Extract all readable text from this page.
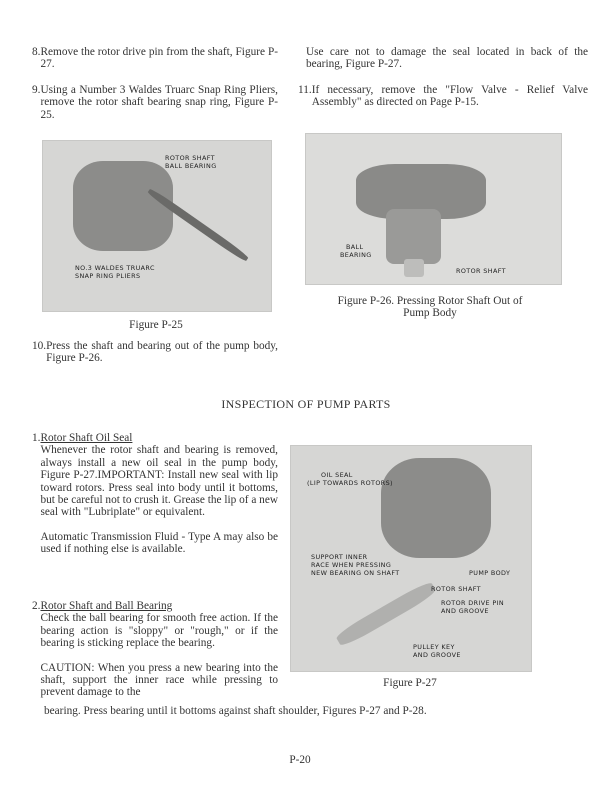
8. Remove the rotor drive pin from the shaft, Figure P-27.
9. Using a Number 3 Waldes Truarc Snap Ring Pliers, remove the rotor shaft bearing snap ring, Figure P-25.
ROTOR SHAFT
BALL BEARING
NO.3 WALDES TRUARC
SNAP RING PLIERS
Figure P-25
10. Press the shaft and bearing out of the pump body, Figure P-26.

Use care not to damage the seal located in back of the bearing, Figure P-27.

11. If necessary, remove the "Flow Valve - Relief Valve Assembly" as directed on Page P-15.
BALL
BEARING
ROTOR SHAFT
Figure P-26. Pressing Rotor Shaft Out of
Pump Body
INSPECTION OF PUMP PARTS
1. Rotor Shaft Oil Seal

Whenever the rotor shaft and bearing is removed, always install a new oil seal in the pump body, Figure P-27.IMPORTANT: Install new seal with lip toward rotors. Press seal into body until it bottoms, but be careful not to crush it. Grease the lip of a new seal with "Lubriplate" or equivalent.

Automatic Transmission Fluid - Type A may also be used if nothing else is available.

2. Rotor Shaft and Ball Bearing

Check the ball bearing for smooth free action. If the bearing action is "sloppy" or "rough," or if the bearing is sticking replace the bearing.

CAUTION: When you press a new bearing into the shaft, support the inner race while pressing to prevent damage to the

bearing. Press bearing until it bottoms against shaft shoulder, Figures P-27 and P-28.
OIL SEAL
(LIP TOWARDS ROTORS)
SUPPORT INNER
RACE WHEN PRESSING
NEW BEARING ON SHAFT	PUMP BODY
ROTOR SHAFT
ROTOR DRIVE PIN
AND GROOVE
PULLEY KEY
AND GROOVE
Figure P-27
P-20
